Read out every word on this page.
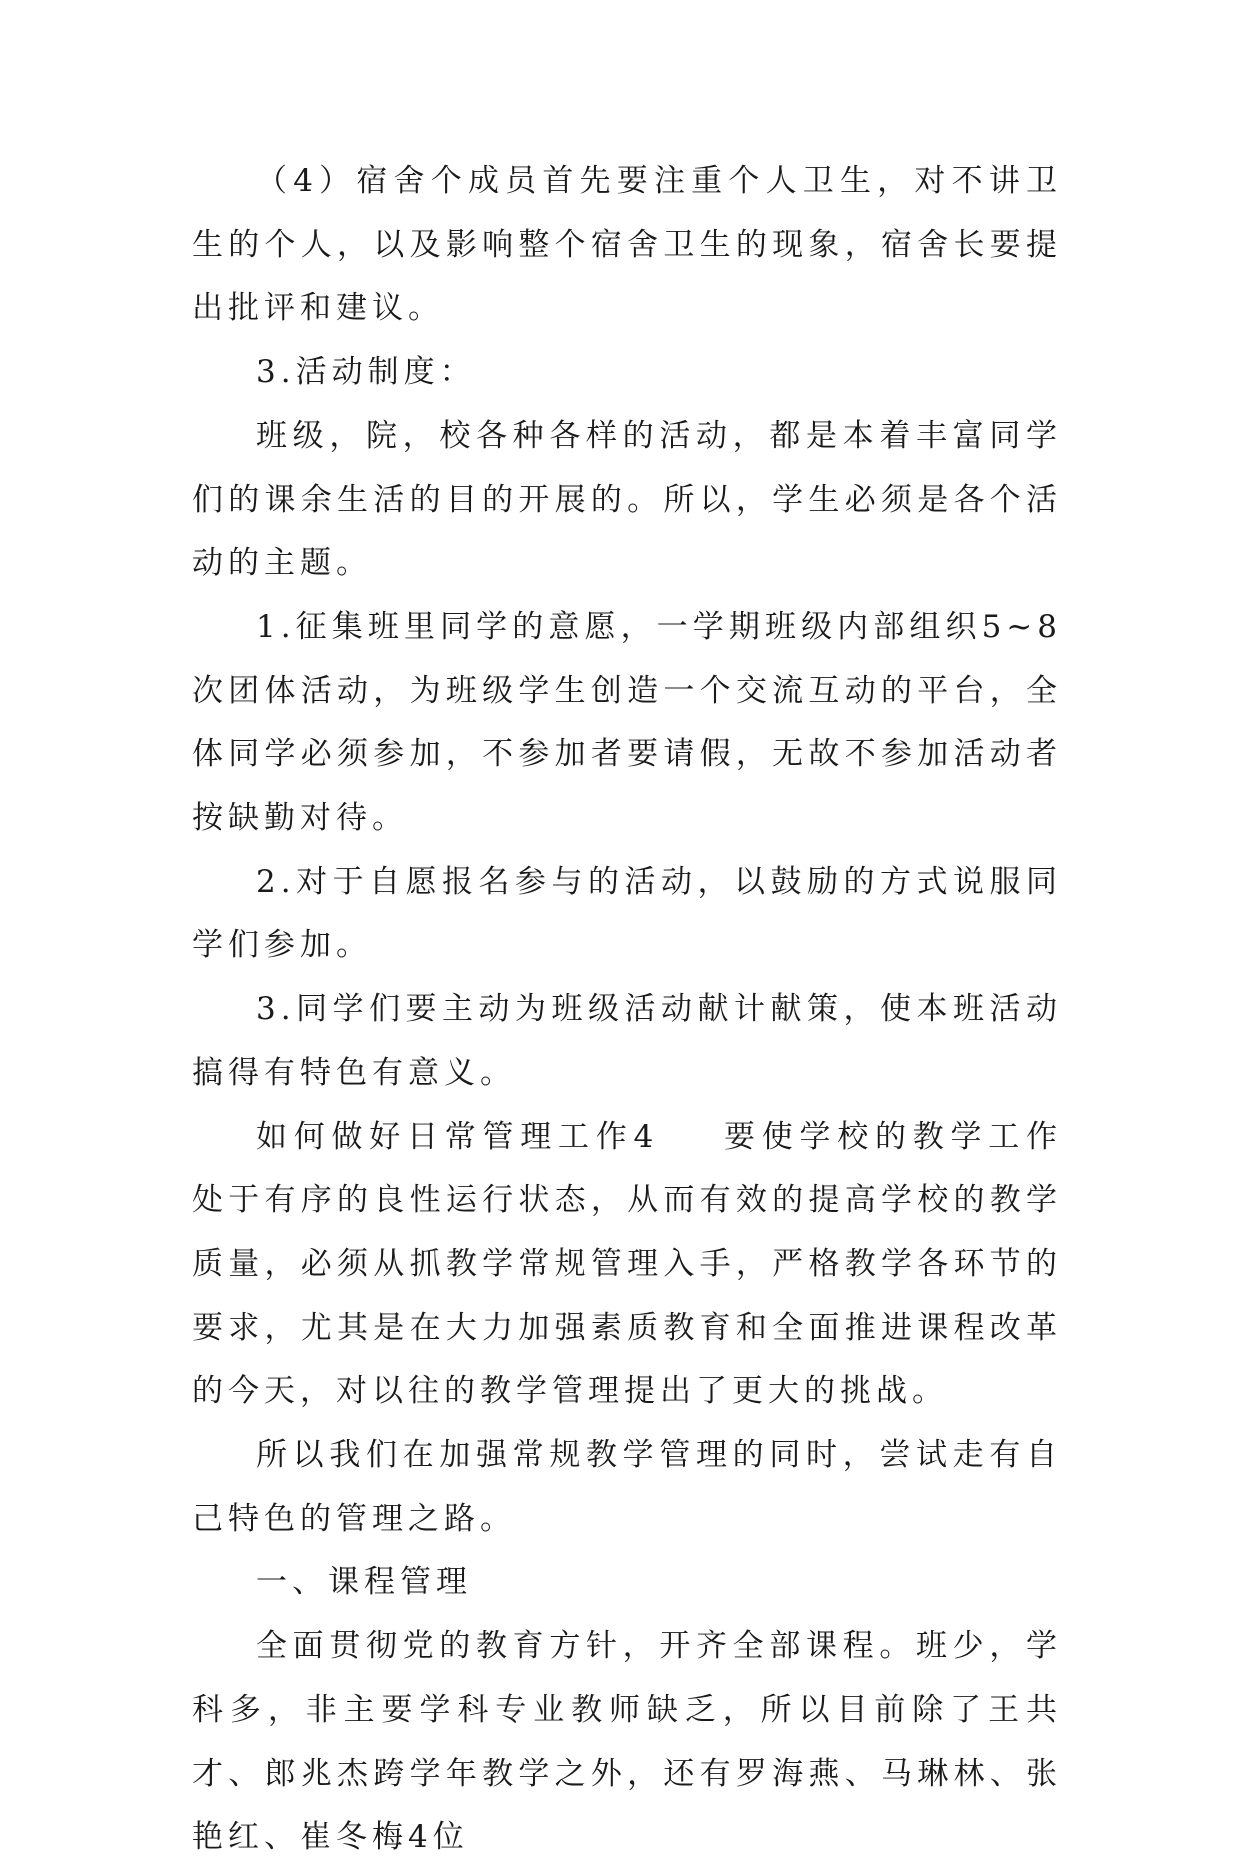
（4）宿舍个成员首先要注重个人卫生，对不讲卫生的个人，以及影响整个宿舍卫生的现象，宿舍长要提出批评和建议。

3.活动制度：

班级，院，校各种各样的活动，都是本着丰富同学们的课余生活的目的开展的。所以，学生必须是各个活动的主题。

1.征集班里同学的意愿，一学期班级内部组织5~8次团体活动，为班级学生创造一个交流互动的平台，全体同学必须参加，不参加者要请假，无故不参加活动者按缺勤对待。

2.对于自愿报名参与的活动，以鼓励的方式说服同学们参加。

3.同学们要主动为班级活动献计献策，使本班活动搞得有特色有意义。

如何做好日常管理工作4 要使学校的教学工作处于有序的良性运行状态，从而有效的提高学校的教学质量，必须从抓教学常规管理入手，严格教学各环节的要求，尤其是在大力加强素质教育和全面推进课程改革的今天，对以往的教学管理提出了更大的挑战。

所以我们在加强常规教学管理的同时，尝试走有自己特色的管理之路。

一、课程管理

全面贯彻党的教育方针，开齐全部课程。班少，学科多，非主要学科专业教师缺乏，所以目前除了王共才、郎兆杰跨学年教学之外，还有罗海燕、马琳林、张艳红、崔冬梅4位
